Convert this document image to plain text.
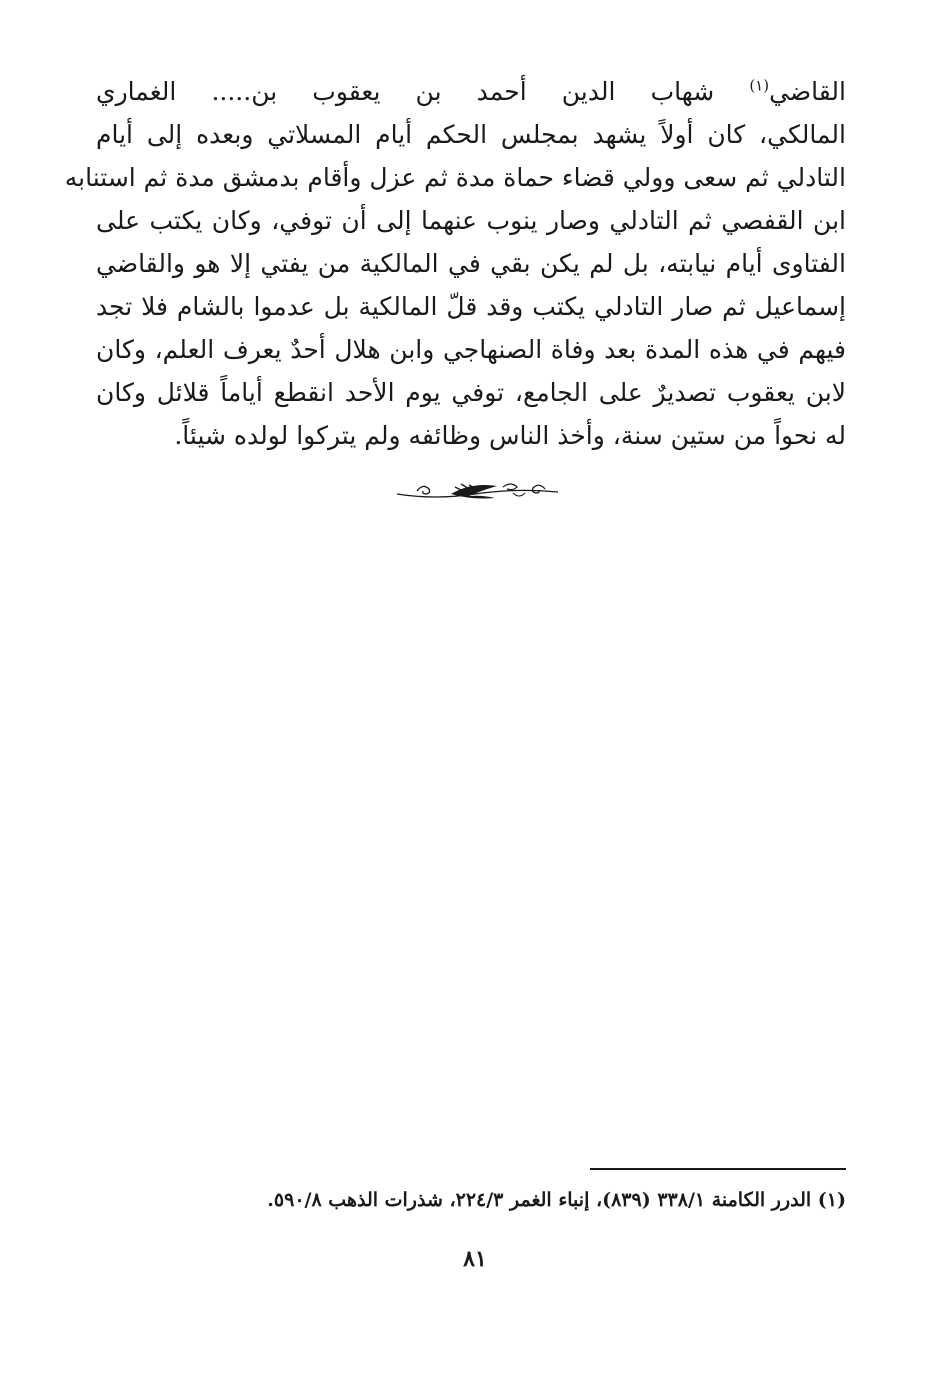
القاضي$^{(١)}$ شهاب الدين أحمد بن يعقوب بن..... الغماري
المالكي، كان أولاً يشهد بمجلس الحكم أيام المسلاتي وبعده إلى أيام
التادلي ثم سعى وولي قضاء حماة مدة ثم عزل وأقام بدمشق مدة ثم استنابه
ابن القفصي ثم التادلي وصار ينوب عنهما إلى أن توفي، وكان يكتب على
الفتاوى أيام نيابته، بل لم يكن بقي في المالكية من يفتي إلا هو والقاضي
إسماعيل ثم صار التادلي يكتب وقد قلّ المالكية بل عدموا بالشام فلا تجد
فيهم في هذه المدة بعد وفاة الصنهاجي وابن هلال أحدٌ يعرف العلم، وكان
لابن يعقوب تصديرٌ على الجامع، توفي يوم الأحد انقطع أياماً قلائل وكان
له نحواً من ستين سنة، وأخذ الناس وظائفه ولم يتركوا لولده شيئاً.
(١) الدرر الكامنة ٣٣٨/١ (٨٣٩)، إنباء الغمر ٢٢٤/٣، شذرات الذهب ٥٩٠/٨.
٨١
